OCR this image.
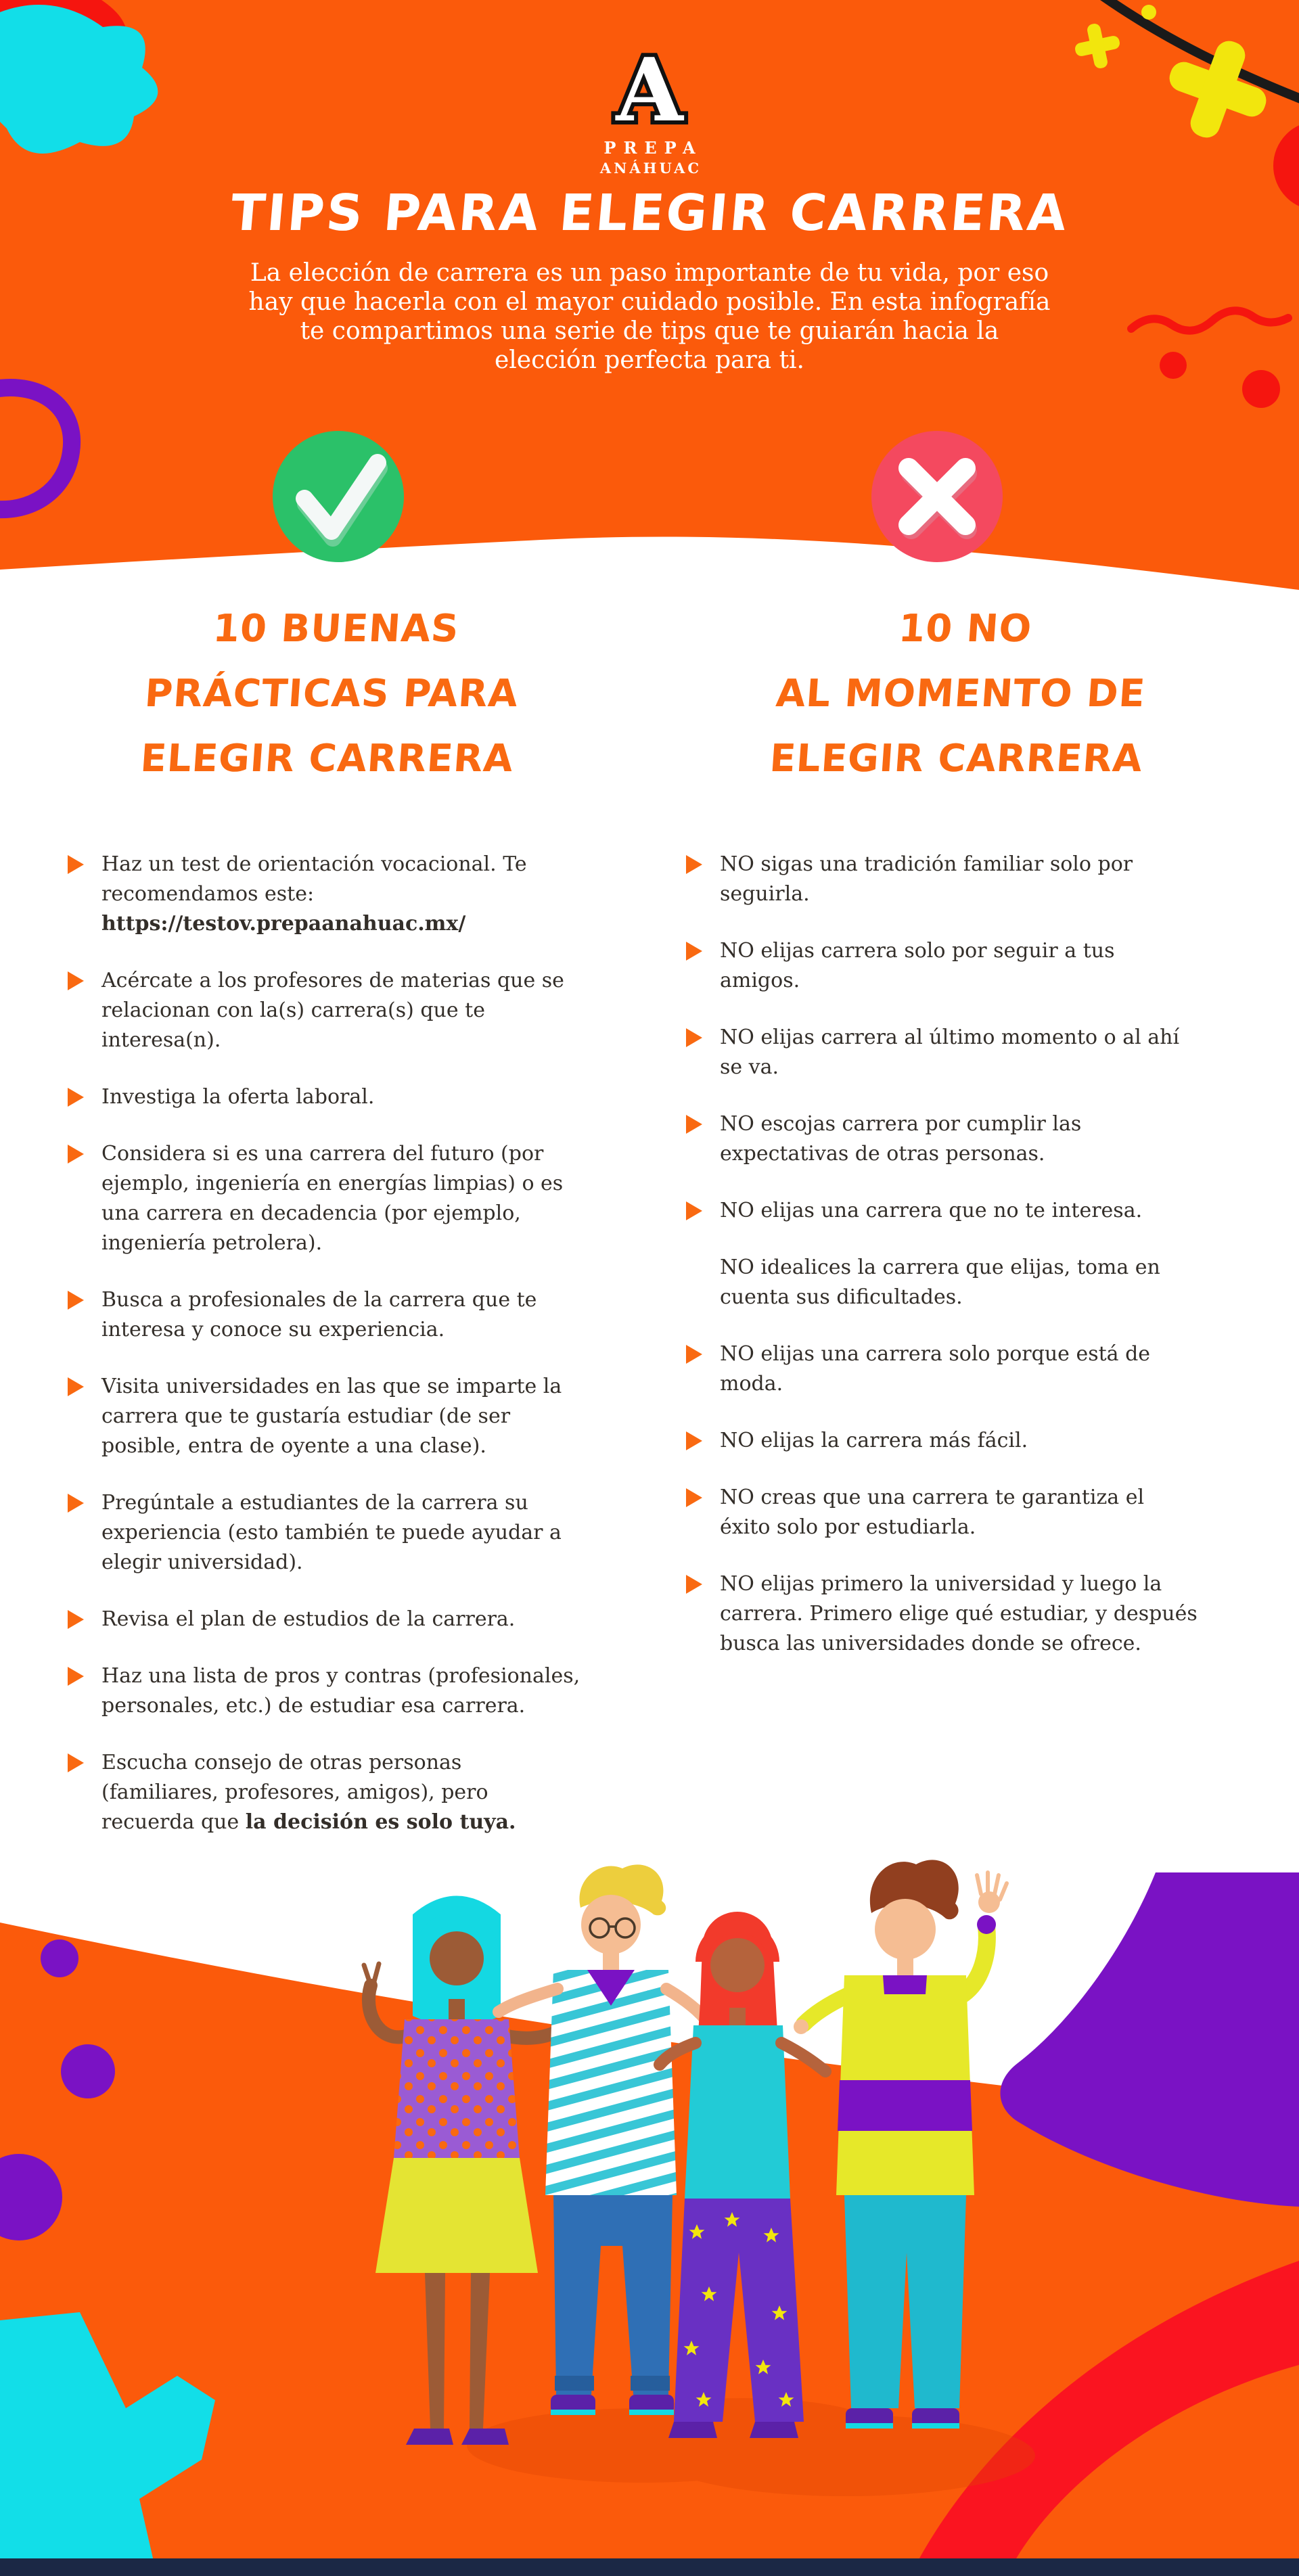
A
PREPA
ANÁHUAC
TIPS PARA ELEGIR CARRERA
La elección de carrera es un paso importante de tu vida, por eso
hay que hacerla con el mayor cuidado posible. En esta infografía
te compartimos una serie de tips que te guiarán hacia la
elección perfecta para ti.
10 BUENAS
PRÁCTICAS PARA
ELEGIR CARRERA
10 NO
AL MOMENTO DE
ELEGIR CARRERA
Haz un test de orientación vocacional. Te recomendamos este: https://testov.prepaanahuac.mx/
Acércate a los profesores de materias que se relacionan con la(s) carrera(s) que te interesa(n).
Investiga la oferta laboral.
Considera si es una carrera del futuro (por ejemplo, ingeniería en energías limpias) o es una carrera en decadencia (por ejemplo, ingeniería petrolera).
Busca a profesionales de la carrera que te interesa y conoce su experiencia.
Visita universidades en las que se imparte la carrera que te gustaría estudiar (de ser posible, entra de oyente a una clase).
Pregúntale a estudiantes de la carrera su experiencia (esto también te puede ayudar a elegir universidad).
Revisa el plan de estudios de la carrera.
Haz una lista de pros y contras (profesionales, personales, etc.) de estudiar esa carrera.
Escucha consejo de otras personas (familiares, profesores, amigos), pero recuerda que la decisión es solo tuya.
NO sigas una tradición familiar solo por seguirla.
NO elijas carrera solo por seguir a tus amigos.
NO elijas carrera al último momento o al ahí se va.
NO escojas carrera por cumplir las expectativas de otras personas.
NO elijas una carrera que no te interesa.
NO idealices la carrera que elijas, toma en cuenta sus dificultades.
NO elijas una carrera solo porque está de moda.
NO elijas la carrera más fácil.
NO creas que una carrera te garantiza el éxito solo por estudiarla.
NO elijas primero la universidad y luego la carrera. Primero elige qué estudiar, y después busca las universidades donde se ofrece.
